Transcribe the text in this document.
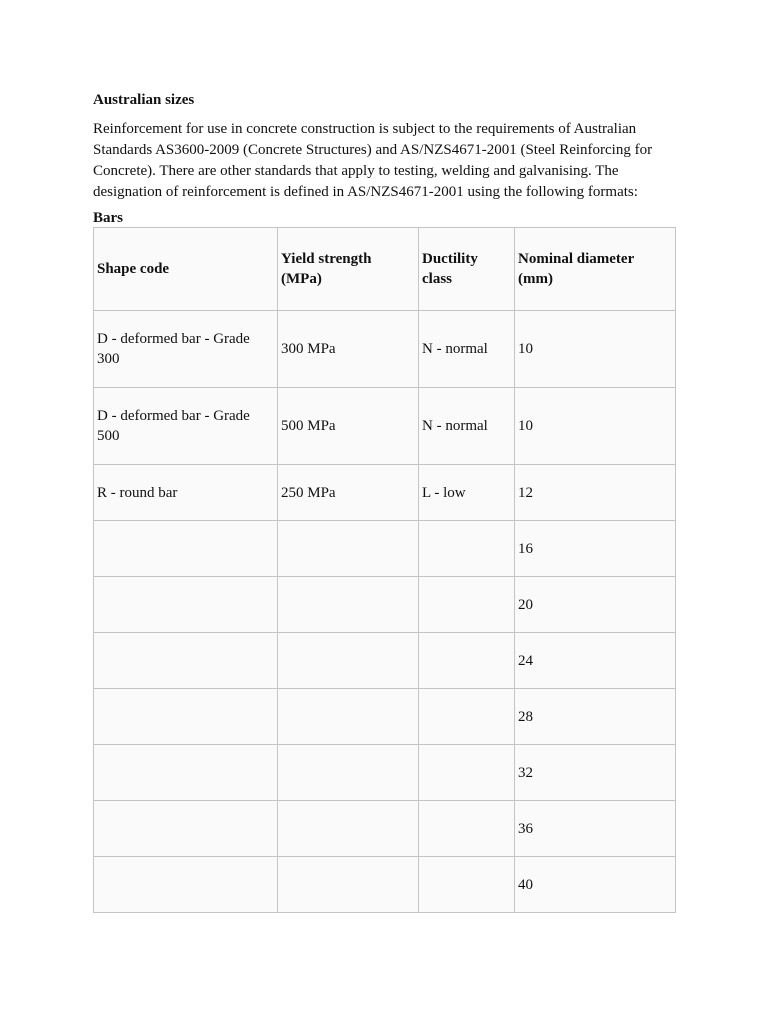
Australian sizes

Reinforcement for use in concrete construction is subject to the requirements of Australian Standards AS3600-2009 (Concrete Structures) and AS/NZS4671-2001 (Steel Reinforcing for Concrete). There are other standards that apply to testing, welding and galvanising. The designation of reinforcement is defined in AS/NZS4671-2001 using the following formats:

Bars
Shape code	Yield strength (MPa)	Ductility class	Nominal diameter (mm)
D - deformed bar - Grade 300	300 MPa	N - normal	10
D - deformed bar - Grade 500	500 MPa	N - normal	10
R - round bar	250 MPa	L - low	12
			16
			20
			24
			28
			32
			36
			40
